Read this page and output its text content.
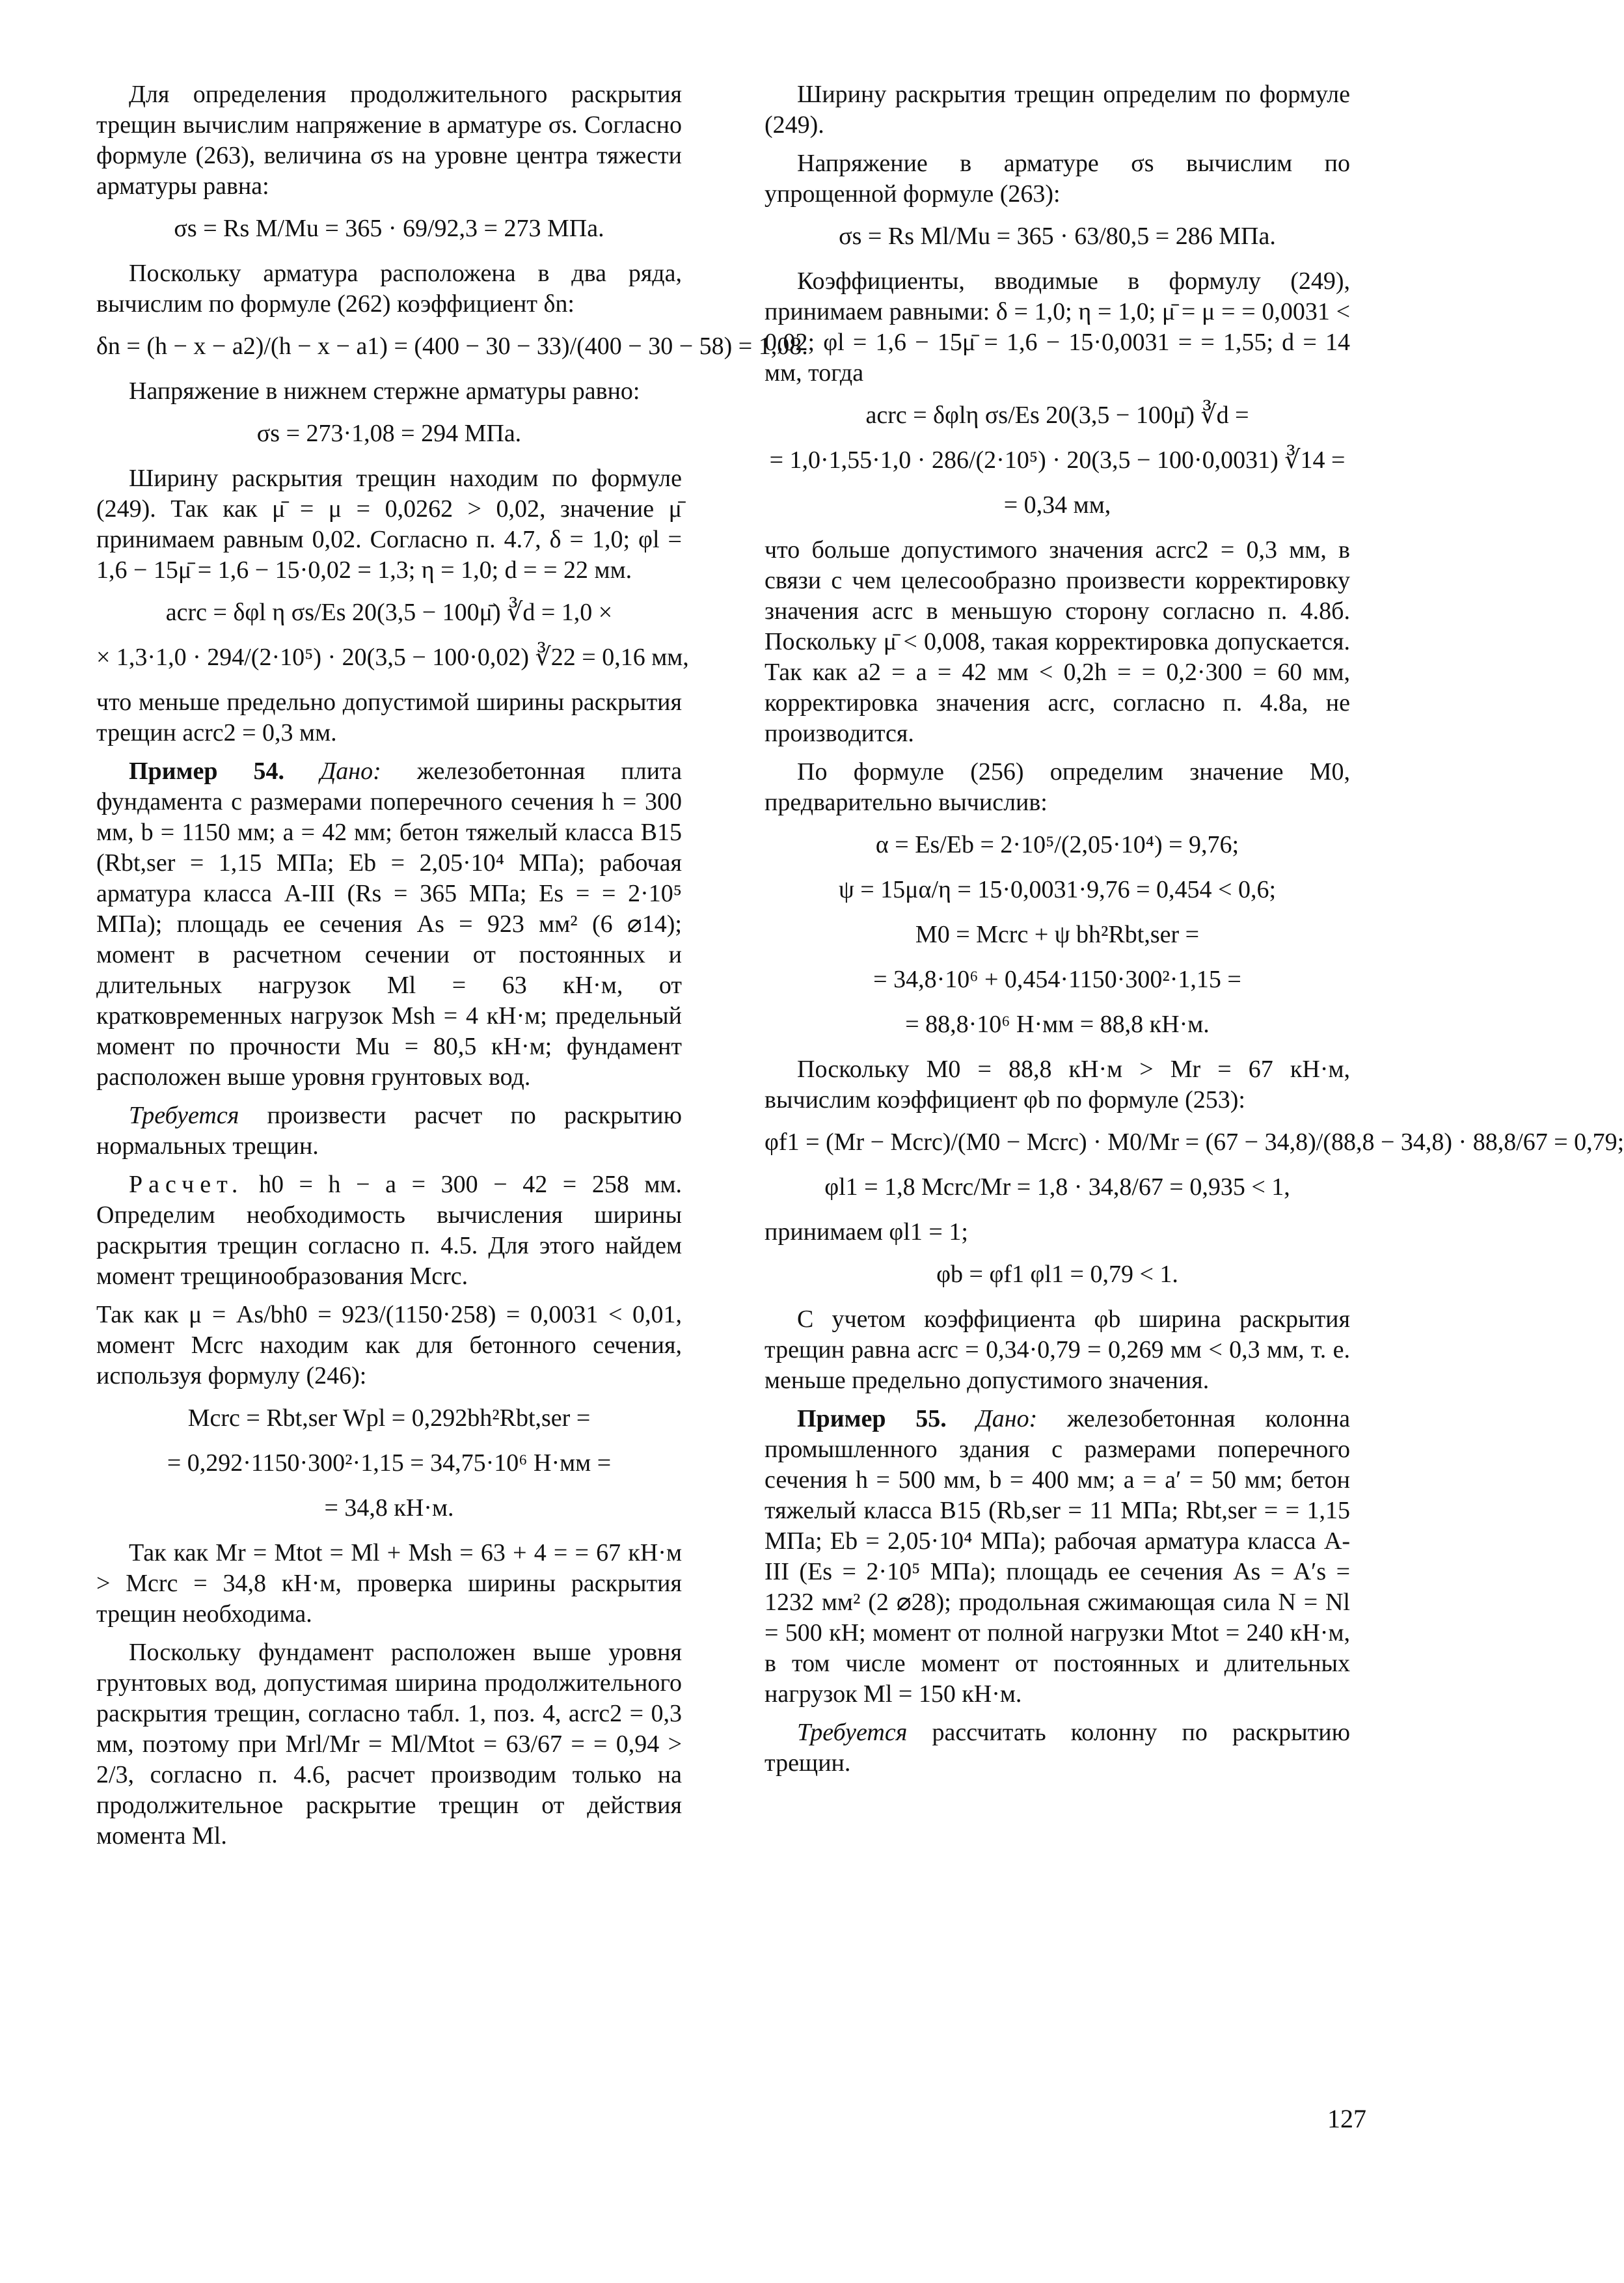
Для определения продолжительного раскрытия трещин вычислим напряжение в арматуре σs. Согласно формуле (263), величина σs на уровне центра тяжести арматуры равна:

σs = Rs M/Mu = 365 · 69/92,3 = 273 МПа.

Поскольку арматура расположена в два ряда, вычислим по формуле (262) коэффициент δn:

δn = (h − x − a2)/(h − x − a1) = (400 − 30 − 33)/(400 − 30 − 58) = 1,08.

Напряжение в нижнем стержне арматуры равно:

σs = 273·1,08 = 294 МПа.

Ширину раскрытия трещин находим по формуле (249). Так как μ̄ = μ = 0,0262 > 0,02, значение μ̄ принимаем равным 0,02. Согласно п. 4.7, δ = 1,0; φl = 1,6 − 15μ̄ = 1,6 − 15·0,02 = 1,3; η = 1,0; d = = 22 мм.

acrc = δφl η σs/Es 20(3,5 − 100μ̄) ∛d = 1,0 ×
× 1,3·1,0 · 294/(2·10⁵) · 20(3,5 − 100·0,02) ∛22 = 0,16 мм,

что меньше предельно допустимой ширины раскрытия трещин acrc2 = 0,3 мм.

Пример 54. Дано: железобетонная плита фундамента с размерами поперечного сечения h = 300 мм, b = 1150 мм; a = 42 мм; бетон тяжелый класса В15 (Rbt,ser = 1,15 МПа; Eb = 2,05·10⁴ МПа); рабочая арматура класса А-III (Rs = 365 МПа; Es = = 2·10⁵ МПа); площадь ее сечения As = 923 мм² (6 ⌀14); момент в расчетном сечении от постоянных и длительных нагрузок Ml = 63 кН·м, от кратковременных нагрузок Msh = 4 кН·м; предельный момент по прочности Mu = 80,5 кН·м; фундамент расположен выше уровня грунтовых вод.

Требуется произвести расчет по раскрытию нормальных трещин.

Расчет. h0 = h − a = 300 − 42 = 258 мм. Определим необходимость вычисления ширины раскрытия трещин согласно п. 4.5. Для этого найдем момент трещинообразования Mcrc.

Так как μ = As/bh0 = 923/(1150·258) = 0,0031 < 0,01, момент Mcrc находим как для бетонного сечения, используя формулу (246):

Mcrc = Rbt,ser Wpl = 0,292bh²Rbt,ser =
= 0,292·1150·300²·1,15 = 34,75·10⁶ Н·мм =
= 34,8 кН·м.

Так как Mr = Mtot = Ml + Msh = 63 + 4 = = 67 кН·м > Mcrc = 34,8 кН·м, проверка ширины раскрытия трещин необходима.

Поскольку фундамент расположен выше уровня грунтовых вод, допустимая ширина продолжительного раскрытия трещин, согласно табл. 1, поз. 4, acrc2 = 0,3 мм, поэтому при Mrl/Mr = Ml/Mtot = 63/67 = = 0,94 > 2/3, согласно п. 4.6, расчет производим только на продолжительное раскрытие трещин от действия момента Ml.

Ширину раскрытия трещин определим по формуле (249).

Напряжение в арматуре σs вычислим по упрощенной формуле (263):

σs = Rs Ml/Mu = 365 · 63/80,5 = 286 МПа.

Коэффициенты, вводимые в формулу (249), принимаем равными: δ = 1,0; η = 1,0; μ̄ = μ = = 0,0031 < 0,02; φl = 1,6 − 15μ̄ = 1,6 − 15·0,0031 = = 1,55; d = 14 мм, тогда

acrc = δφlη σs/Es 20(3,5 − 100μ̄) ∛d =
= 1,0·1,55·1,0 · 286/(2·10⁵) · 20(3,5 − 100·0,0031) ∛14 =
= 0,34 мм,

что больше допустимого значения acrc2 = 0,3 мм, в связи с чем целесообразно произвести корректировку значения acrc в меньшую сторону согласно п. 4.8б. Поскольку μ̄ < 0,008, такая корректировка допускается. Так как a2 = a = 42 мм < 0,2h = = 0,2·300 = 60 мм, корректировка значения acrc, согласно п. 4.8а, не производится.

По формуле (256) определим значение M0, предварительно вычислив:

α = Es/Eb = 2·10⁵/(2,05·10⁴) = 9,76;
ψ = 15μα/η = 15·0,0031·9,76 = 0,454 < 0,6;
M0 = Mcrc + ψ bh²Rbt,ser =
= 34,8·10⁶ + 0,454·1150·300²·1,15 =
= 88,8·10⁶ Н·мм = 88,8 кН·м.

Поскольку M0 = 88,8 кН·м > Mr = 67 кН·м, вычислим коэффициент φb по формуле (253):

φf1 = (Mr − Mcrc)/(M0 − Mcrc) · M0/Mr = (67 − 34,8)/(88,8 − 34,8) · 88,8/67 = 0,79;
φl1 = 1,8 Mcrc/Mr = 1,8 · 34,8/67 = 0,935 < 1,

принимаем φl1 = 1;

φb = φf1 φl1 = 0,79 < 1.

С учетом коэффициента φb ширина раскрытия трещин равна acrc = 0,34·0,79 = 0,269 мм < 0,3 мм, т. е. меньше предельно допустимого значения.

Пример 55. Дано: железобетонная колонна промышленного здания с размерами поперечного сечения h = 500 мм, b = 400 мм; a = a′ = 50 мм; бетон тяжелый класса В15 (Rb,ser = 11 МПа; Rbt,ser = = 1,15 МПа; Eb = 2,05·10⁴ МПа); рабочая арматура класса А-III (Es = 2·10⁵ МПа); площадь ее сечения As = A′s = 1232 мм² (2 ⌀28); продольная сжимающая сила N = Nl = 500 кН; момент от полной нагрузки Mtot = 240 кН·м, в том числе момент от постоянных и длительных нагрузок Ml = 150 кН·м.

Требуется рассчитать колонну по раскрытию трещин.

127
